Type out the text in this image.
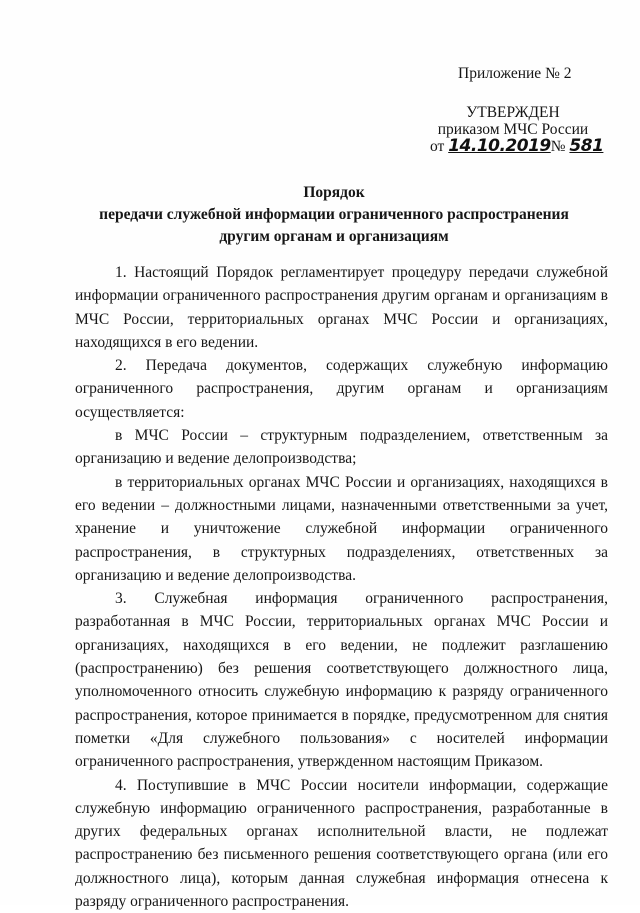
Приложение № 2
УТВЕРЖДЕН
приказом МЧС России
от 14.10.2019№ 581
Порядок
передачи служебной информации ограниченного распространения
другим органам и организациям

1. Настоящий Порядок регламентирует процедуру передачи служебной информации ограниченного распространения другим органам и организациям в МЧС России, территориальных органах МЧС России и организациях, находящихся в его ведении.

2. Передача документов, содержащих служебную информацию ограниченного распространения, другим органам и организациям осуществляется:

в МЧС России – структурным подразделением, ответственным за организацию и ведение делопроизводства;

в территориальных органах МЧС России и организациях, находящихся в его ведении – должностными лицами, назначенными ответственными за учет, хранение и уничтожение служебной информации ограниченного распространения, в структурных подразделениях, ответственных за организацию и ведение делопроизводства.

3. Служебная информация ограниченного распространения, разработанная в МЧС России, территориальных органах МЧС России и организациях, находящихся в его ведении, не подлежит разглашению (распространению) без решения соответствующего должностного лица, уполномоченного относить служебную информацию к разряду ограниченного распространения, которое принимается в порядке, предусмотренном для снятия пометки «Для служебного пользования» с носителей информации ограниченного распространения, утвержденном настоящим Приказом.

4. Поступившие в МЧС России носители информации, содержащие служебную информацию ограниченного распространения, разработанные в других федеральных органах исполнительной власти, не подлежат распространению без письменного решения соответствующего органа (или его должностного лица), которым данная служебная информация отнесена к разряду ограниченного распространения.
